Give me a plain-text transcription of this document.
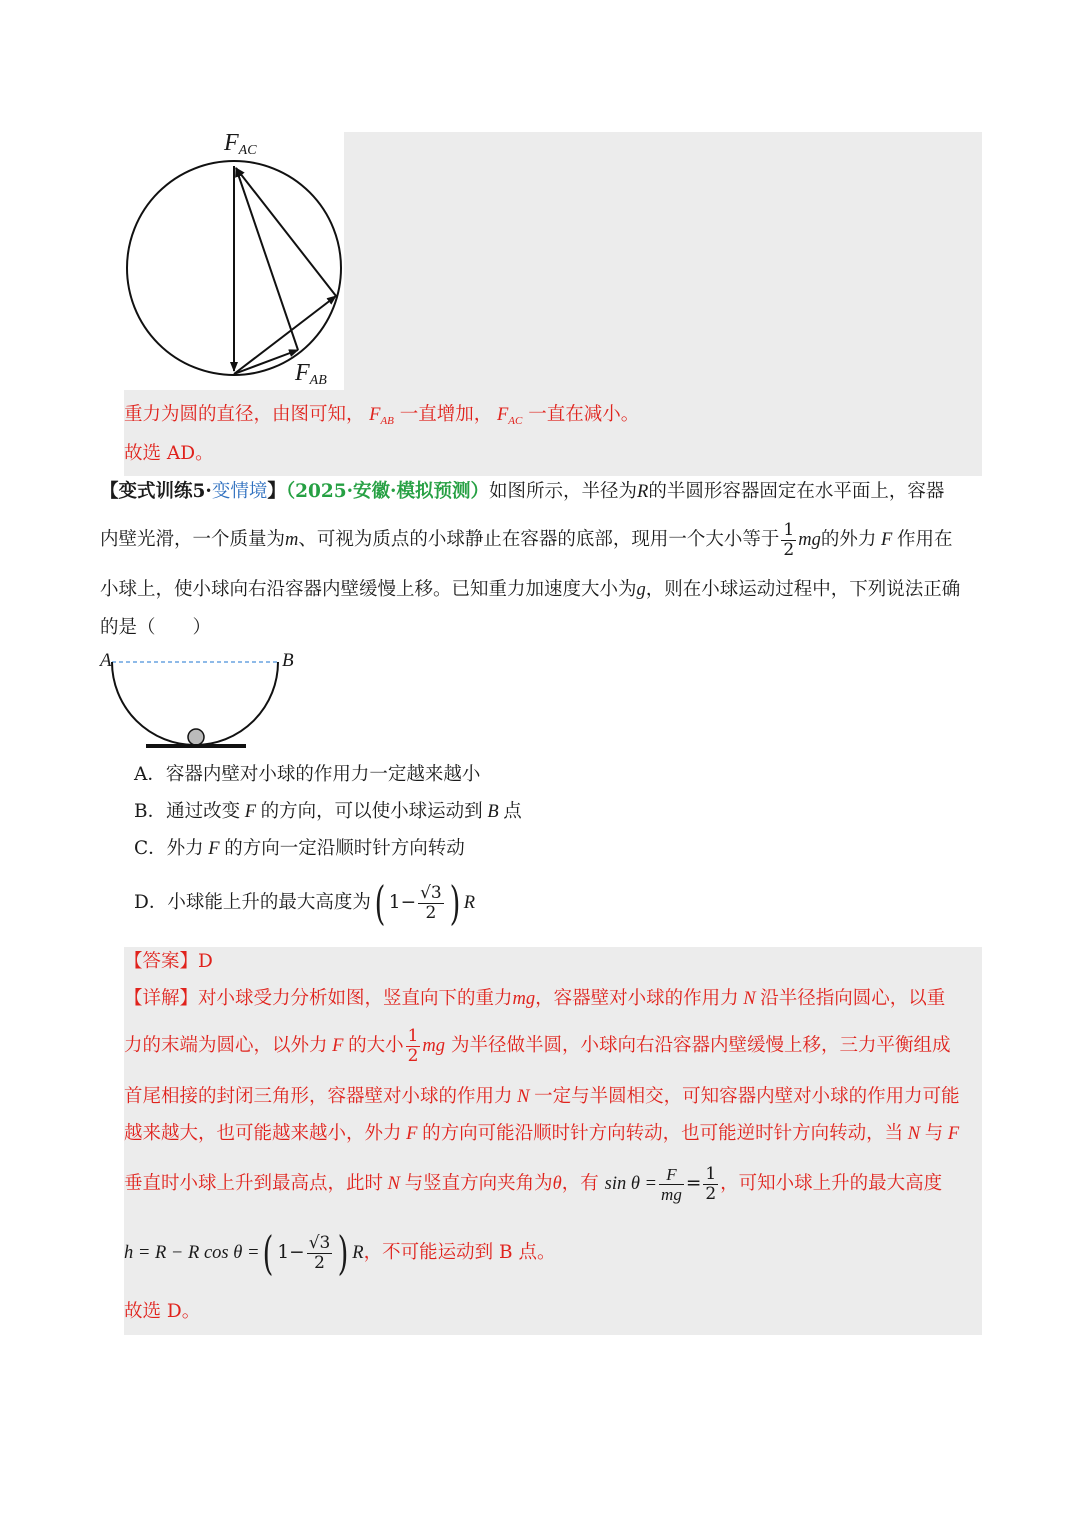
$F_{AC}$
$F_{AB}$
重力为圆的直径，由图可知， $F_{AB}$ 一直增加， $F_{AC}$ 一直在减小。
故选 AD。
【变式训练5·变情境】（2025·安徽·模拟预测）如图所示，半径为R的半圆形容器固定在水平面上，容器
内壁光滑，一个质量为m、可视为质点的小球静止在容器的底部，现用一个大小等于 $\frac{1}{2}$ mg的外力 F 作用在
小球上，使小球向右沿容器内壁缓慢上移。已知重力加速度大小为g，则在小球运动过程中，下列说法正确
的是（　　）
A	B
A．容器内壁对小球的作用力一定越来越小
B．通过改变 F 的方向，可以使小球运动到 B 点
C．外力 F 的方向一定沿顺时针方向转动
D．小球能上升的最大高度为( $1- \frac{√3}{2}$ ) R
【答案】D
【详解】对小球受力分析如图，竖直向下的重力mg，容器壁对小球的作用力 N 沿半径指向圆心，以重
力的末端为圆心，以外力 F 的大小 $\frac{1}{2}$ mg 为半径做半圆，小球向右沿容器内壁缓慢上移，三力平衡组成
首尾相接的封闭三角形，容器壁对小球的作用力 N 一定与半圆相交，可知容器内壁对小球的作用力可能
越来越大，也可能越来越小，外力 F 的方向可能沿顺时针方向转动，也可能逆时针方向转动，当 N 与 F
垂直时小球上升到最高点，此时 N 与竖直方向夹角为θ，有 $\sin \theta = \frac{F}{mg} = \frac{1}{2}$ ，可知小球上升的最大高度
h = R − R cos θ =( $1- \frac{√3}{2}$ ) R，不可能运动到 B 点。
故选 D。
